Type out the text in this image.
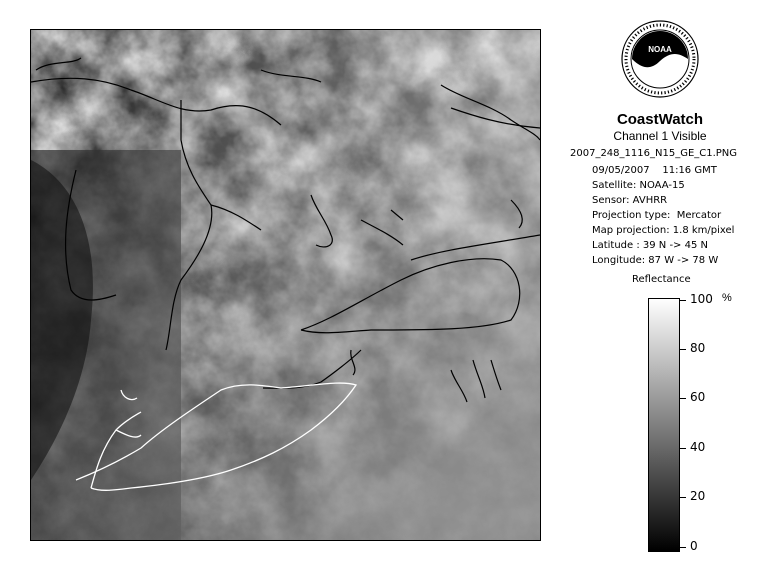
NOAA
CoastWatch
Channel 1 Visible
2007_248_1116_N15_GE_C1.PNG
09/05/2007    11:16 GMT
Satellite: NOAA-15
Sensor: AVHRR
Projection type:  Mercator
Map projection: 1.8 km/pixel
Latitude : 39 N -> 45 N
Longitude: 87 W -> 78 W
Reflectance
%
100
80
60
40
20
0
